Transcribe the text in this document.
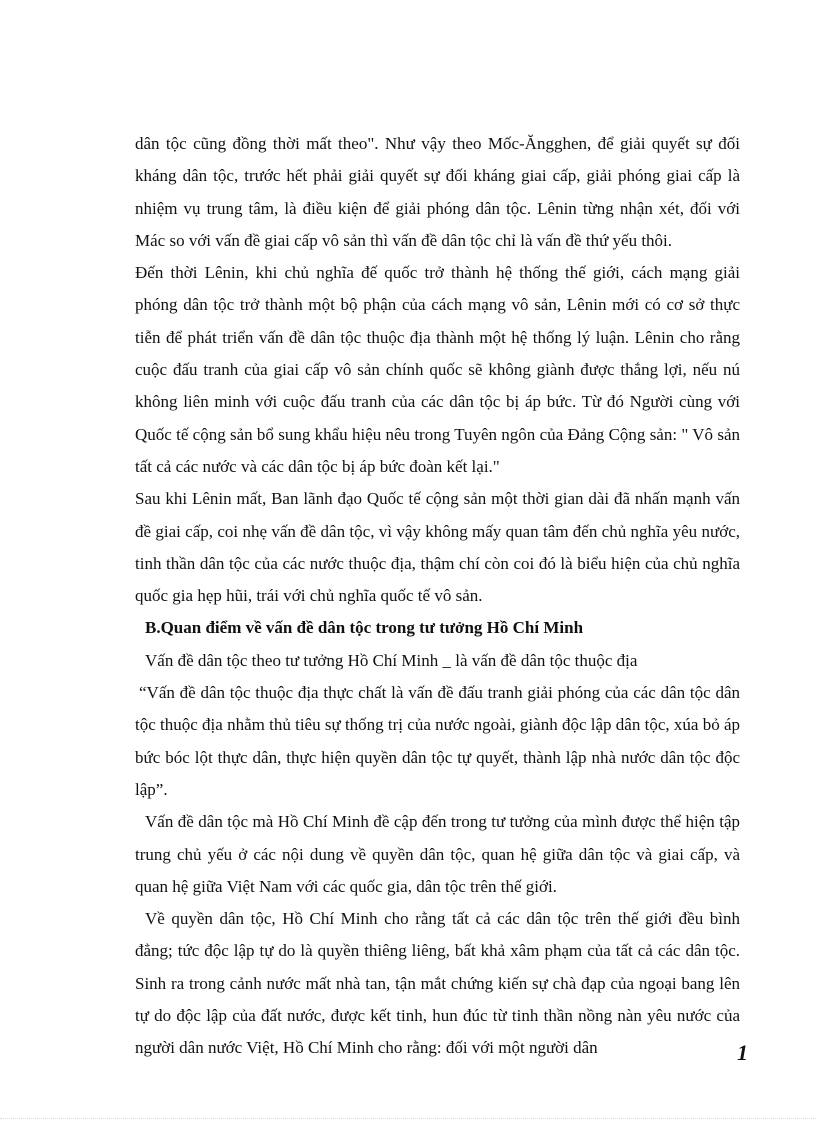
dân tộc cũng đồng thời mất theo". Như vậy theo Mốc-Ăngghen, để giải quyết sự đối kháng dân tộc, trước hết phải giải quyết sự đối kháng giai cấp, giải phóng giai cấp là nhiệm vụ trung tâm, là điều kiện để giải phóng dân tộc. Lênin từng nhận xét, đối với Mác so với vấn đề giai cấp vô sản thì vấn đề dân tộc chỉ là vấn đề thứ yếu thôi.

Đến thời Lênin, khi chủ nghĩa đế quốc trở thành hệ thống thế giới, cách mạng giải phóng dân tộc trở thành một bộ phận của cách mạng vô sản, Lênin mới có cơ sở thực tiễn để phát triển vấn đề dân tộc thuộc địa thành một hệ thống lý luận. Lênin cho rằng cuộc đấu tranh của giai cấp vô sản chính quốc sẽ không giành được thắng lợi, nếu nú không liên minh với cuộc đấu tranh của các dân tộc bị áp bức. Từ đó Người cùng với Quốc tế cộng sản bổ sung khẩu hiệu nêu trong Tuyên ngôn của Đảng Cộng sản: " Vô sản tất cả các nước và các dân tộc bị áp bức đoàn kết lại."

Sau khi Lênin mất, Ban lãnh đạo Quốc tế cộng sản một thời gian dài đã nhấn mạnh vấn đề giai cấp, coi nhẹ vấn đề dân tộc, vì vậy không mấy quan tâm đến chủ nghĩa yêu nước, tinh thần dân tộc của các nước thuộc địa, thậm chí còn coi đó là biểu hiện của chủ nghĩa quốc gia hẹp hũi, trái với chủ nghĩa quốc tế vô sản.

B.Quan điểm về vấn đề dân tộc trong tư tưởng Hồ Chí Minh

Vấn đề dân tộc theo tư tưởng Hồ Chí Minh _ là vấn đề dân tộc thuộc địa

“Vấn đề dân tộc thuộc địa thực chất là vấn đề đấu tranh giải phóng của các dân tộc dân tộc thuộc địa nhằm thủ tiêu sự thống trị của nước ngoài, giành độc lập dân tộc, xúa bỏ áp bức bóc lột thực dân, thực hiện quyền dân tộc tự quyết, thành lập nhà nước dân tộc độc lập”.

Vấn đề dân tộc mà Hồ Chí Minh đề cập đến trong tư tưởng của mình được thể hiện tập trung chủ yếu ở các nội dung về quyền dân tộc, quan hệ giữa dân tộc và giai cấp, và quan hệ giữa Việt Nam với các quốc gia, dân tộc trên thế giới.

Về quyền dân tộc, Hồ Chí Minh cho rằng tất cả các dân tộc trên thế giới đều bình đẳng; tức độc lập tự do là quyền thiêng liêng, bất khả xâm phạm của tất cả các dân tộc. Sinh ra trong cảnh nước mất nhà tan, tận mắt chứng kiến sự chà đạp của ngoại bang lên tự do độc lập của đất nước, được kết tinh, hun đúc từ tinh thần nồng nàn yêu nước của người dân nước Việt, Hồ Chí Minh cho rằng: đối với một người dân	1
